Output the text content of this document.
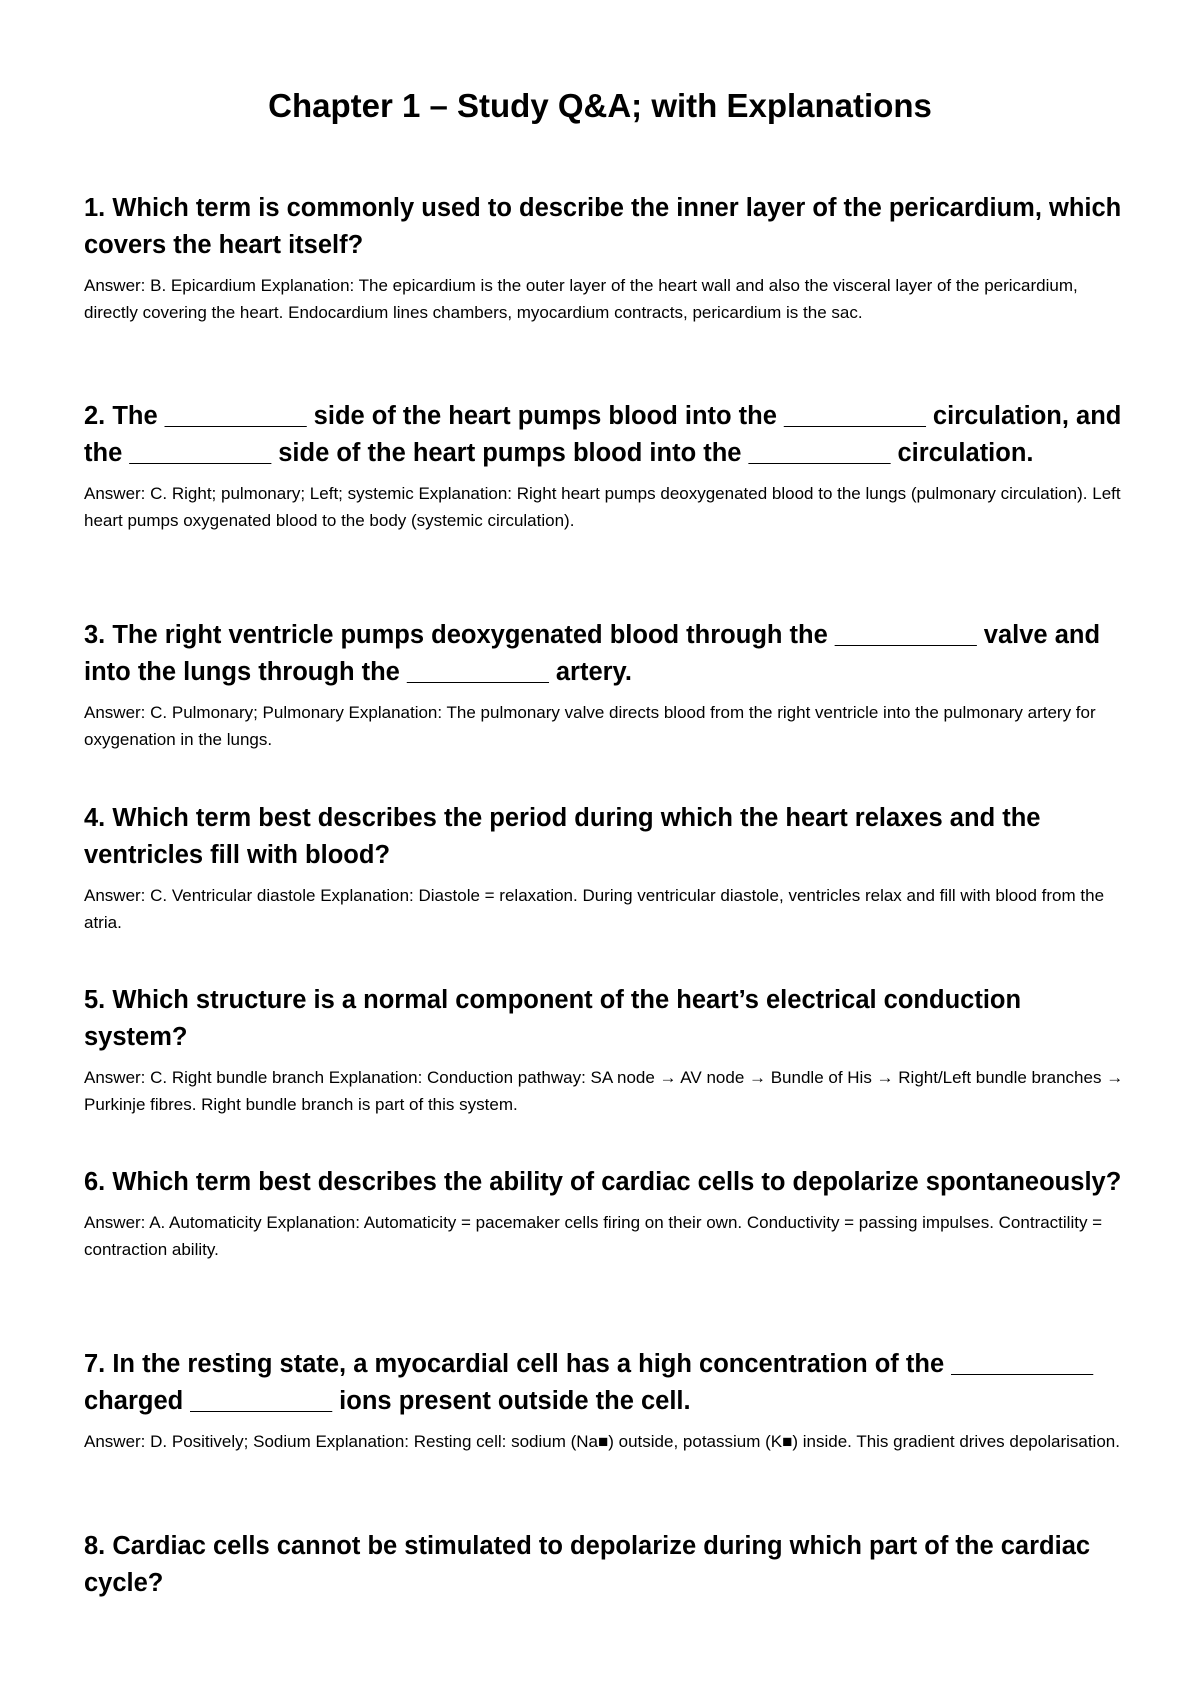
Chapter 1 – Study Q&A; with Explanations

1. Which term is commonly used to describe the inner layer of the pericardium, which covers the heart itself?

Answer: B. Epicardium Explanation: The epicardium is the outer layer of the heart wall and also the visceral layer of the pericardium, directly covering the heart. Endocardium lines chambers, myocardium contracts, pericardium is the sac.

2. The __________ side of the heart pumps blood into the __________ circulation, and the __________ side of the heart pumps blood into the __________ circulation.

Answer: C. Right; pulmonary; Left; systemic Explanation: Right heart pumps deoxygenated blood to the lungs (pulmonary circulation). Left heart pumps oxygenated blood to the body (systemic circulation).

3. The right ventricle pumps deoxygenated blood through the __________ valve and into the lungs through the __________ artery.

Answer: C. Pulmonary; Pulmonary Explanation: The pulmonary valve directs blood from the right ventricle into the pulmonary artery for oxygenation in the lungs.

4. Which term best describes the period during which the heart relaxes and the ventricles fill with blood?

Answer: C. Ventricular diastole Explanation: Diastole = relaxation. During ventricular diastole, ventricles relax and fill with blood from the atria.

5. Which structure is a normal component of the heart’s electrical conduction system?

Answer: C. Right bundle branch Explanation: Conduction pathway: SA node → AV node → Bundle of His → Right/Left bundle branches → Purkinje fibres. Right bundle branch is part of this system.

6. Which term best describes the ability of cardiac cells to depolarize spontaneously?

Answer: A. Automaticity Explanation: Automaticity = pacemaker cells firing on their own. Conductivity = passing impulses. Contractility = contraction ability.

7. In the resting state, a myocardial cell has a high concentration of the __________ charged __________ ions present outside the cell.

Answer: D. Positively; Sodium Explanation: Resting cell: sodium (Na■) outside, potassium (K■) inside. This gradient drives depolarisation.

8. Cardiac cells cannot be stimulated to depolarize during which part of the cardiac cycle?
